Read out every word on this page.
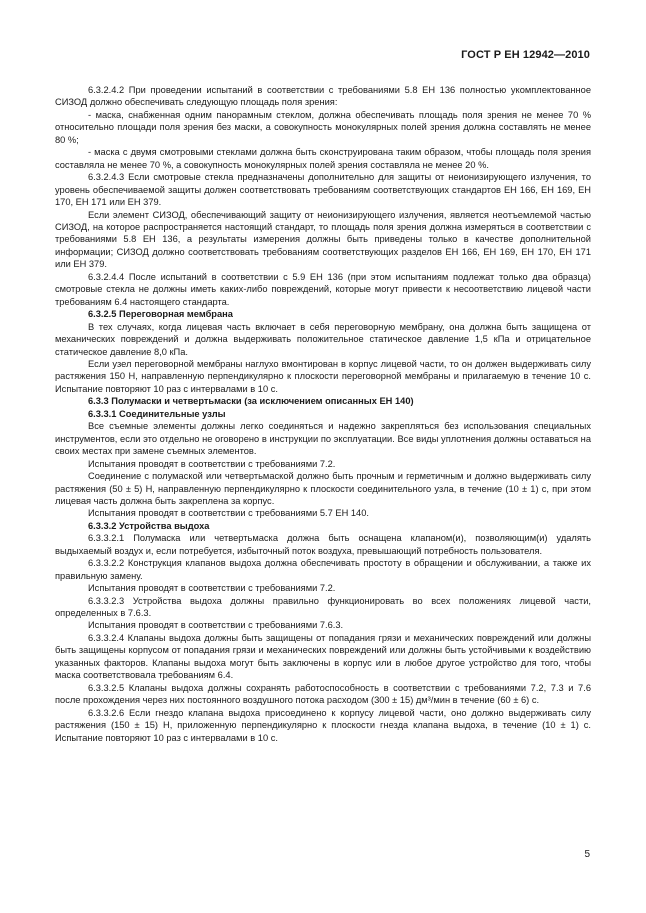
ГОСТ Р ЕН 12942—2010

6.3.2.4.2 При проведении испытаний в соответствии с требованиями 5.8 ЕН 136 полностью укомплектованное СИЗОД должно обеспечивать следующую площадь поля зрения:

- маска, снабженная одним панорамным стеклом, должна обеспечивать площадь поля зрения не менее 70 % относительно площади поля зрения без маски, а совокупность монокулярных полей зрения должна составлять не менее 80 %;

- маска с двумя смотровыми стеклами должна быть сконструирована таким образом, чтобы площадь поля зрения составляла не менее 70 %, а совокупность монокулярных полей зрения составляла не менее 20 %.

6.3.2.4.3 Если смотровые стекла предназначены дополнительно для защиты от неионизирующего излучения, то уровень обеспечиваемой защиты должен соответствовать требованиям соответствующих стандартов ЕН 166, ЕН 169, ЕН 170, ЕН 171 или ЕН 379.

Если элемент СИЗОД, обеспечивающий защиту от неионизирующего излучения, является неотъемлемой частью СИЗОД, на которое распространяется настоящий стандарт, то площадь поля зрения должна измеряться в соответствии с требованиями 5.8 ЕН 136, а результаты измерения должны быть приведены только в качестве дополнительной информации; СИЗОД должно соответствовать требованиям соответствующих разделов ЕН 166, ЕН 169, ЕН 170, ЕН 171 или ЕН 379.

6.3.2.4.4 После испытаний в соответствии с 5.9 ЕН 136 (при этом испытаниям подлежат только два образца) смотровые стекла не должны иметь каких-либо повреждений, которые могут привести к несоответствию лицевой части требованиям 6.4 настоящего стандарта.

6.3.2.5 Переговорная мембрана

В тех случаях, когда лицевая часть включает в себя переговорную мембрану, она должна быть защищена от механических повреждений и должна выдерживать положительное статическое давление 1,5 кПа и отрицательное статическое давление 8,0 кПа.

Если узел переговорной мембраны наглухо вмонтирован в корпус лицевой части, то он должен выдерживать силу растяжения 150 Н, направленную перпендикулярно к плоскости переговорной мембраны и прилагаемую в течение 10 с. Испытание повторяют 10 раз с интервалами в 10 с.

6.3.3 Полумаски и четвертьмаски (за исключением описанных ЕН 140)

6.3.3.1 Соединительные узлы

Все съемные элементы должны легко соединяться и надежно закрепляться без использования специальных инструментов, если это отдельно не оговорено в инструкции по эксплуатации. Все виды уплотнения должны оставаться на своих местах при замене съемных элементов.

Испытания проводят в соответствии с требованиями 7.2.

Соединение с полумаской или четвертьмаской должно быть прочным и герметичным и должно выдерживать силу растяжения (50 ± 5) Н, направленную перпендикулярно к плоскости соединительного узла, в течение (10 ± 1) с, при этом лицевая часть должна быть закреплена за корпус.

Испытания проводят в соответствии с требованиями 5.7 ЕН 140.

6.3.3.2 Устройства выдоха

6.3.3.2.1 Полумаска или четвертьмаска должна быть оснащена клапаном(и), позволяющим(и) удалять выдыхаемый воздух и, если потребуется, избыточный поток воздуха, превышающий потребность пользователя.

6.3.3.2.2 Конструкция клапанов выдоха должна обеспечивать простоту в обращении и обслуживании, а также их правильную замену.

Испытания проводят в соответствии с требованиями 7.2.

6.3.3.2.3 Устройства выдоха должны правильно функционировать во всех положениях лицевой части, определенных в 7.6.3.

Испытания проводят в соответствии с требованиями 7.6.3.

6.3.3.2.4 Клапаны выдоха должны быть защищены от попадания грязи и механических повреждений или должны быть защищены корпусом от попадания грязи и механических повреждений или должны быть устойчивыми к воздействию указанных факторов. Клапаны выдоха могут быть заключены в корпус или в любое другое устройство для того, чтобы маска соответствовала требованиям 6.4.

6.3.3.2.5 Клапаны выдоха должны сохранять работоспособность в соответствии с требованиями 7.2, 7.3 и 7.6 после прохождения через них постоянного воздушного потока расходом (300 ± 15) дм³/мин в течение (60 ± 6) с.

6.3.3.2.6 Если гнездо клапана выдоха присоединено к корпусу лицевой части, оно должно выдерживать силу растяжения (150 ± 15) Н, приложенную перпендикулярно к плоскости гнезда клапана выдоха, в течение (10 ± 1) с. Испытание повторяют 10 раз с интервалами в 10 с.

5
